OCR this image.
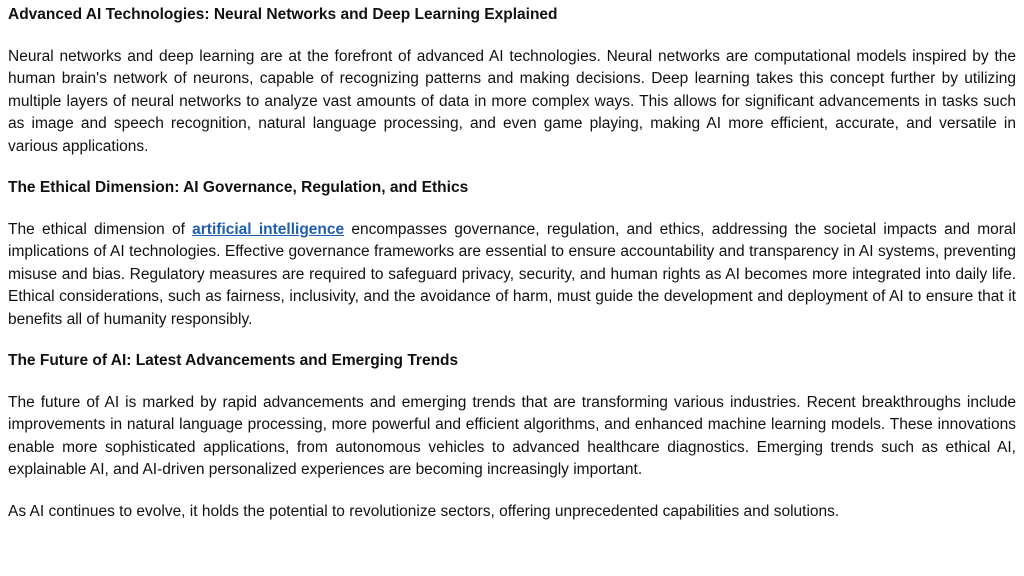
Advanced AI Technologies: Neural Networks and Deep Learning Explained

Neural networks and deep learning are at the forefront of advanced AI technologies. Neural networks are computational models inspired by the human brain's network of neurons, capable of recognizing patterns and making decisions. Deep learning takes this concept further by utilizing multiple layers of neural networks to analyze vast amounts of data in more complex ways. This allows for significant advancements in tasks such as image and speech recognition, natural language processing, and even game playing, making AI more efficient, accurate, and versatile in various applications.

The Ethical Dimension: AI Governance, Regulation, and Ethics

The ethical dimension of artificial intelligence encompasses governance, regulation, and ethics, addressing the societal impacts and moral implications of AI technologies. Effective governance frameworks are essential to ensure accountability and transparency in AI systems, preventing misuse and bias. Regulatory measures are required to safeguard privacy, security, and human rights as AI becomes more integrated into daily life. Ethical considerations, such as fairness, inclusivity, and the avoidance of harm, must guide the development and deployment of AI to ensure that it benefits all of humanity responsibly.

The Future of AI: Latest Advancements and Emerging Trends

The future of AI is marked by rapid advancements and emerging trends that are transforming various industries. Recent breakthroughs include improvements in natural language processing, more powerful and efficient algorithms, and enhanced machine learning models. These innovations enable more sophisticated applications, from autonomous vehicles to advanced healthcare diagnostics. Emerging trends such as ethical AI, explainable AI, and AI-driven personalized experiences are becoming increasingly important.

As AI continues to evolve, it holds the potential to revolutionize sectors, offering unprecedented capabilities and solutions.
